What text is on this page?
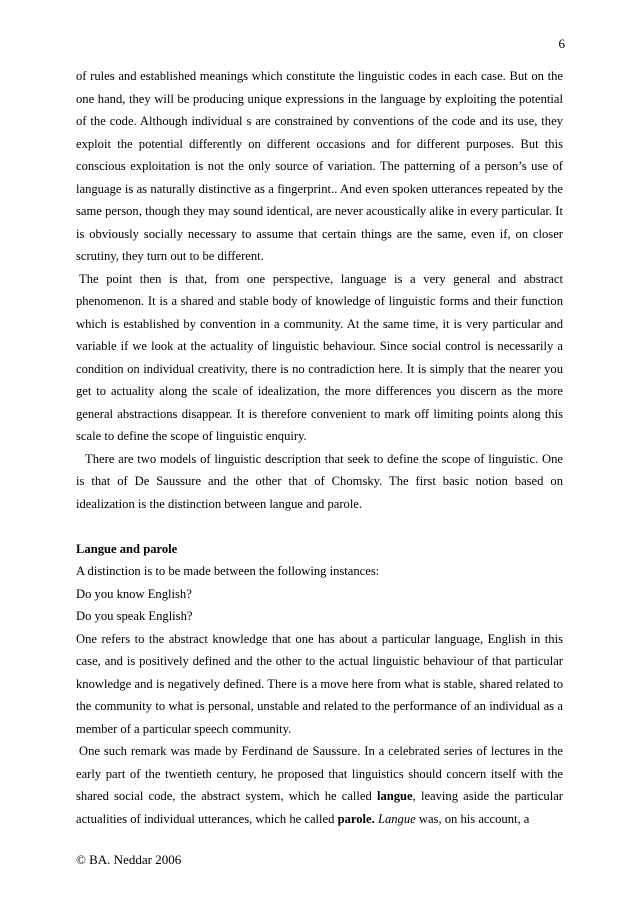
6

of rules and established meanings which constitute the linguistic codes in each case. But on the one hand, they will be producing unique expressions in the language by exploiting the potential of the code. Although individual s are constrained by conventions of the code and its use, they exploit the potential differently on different occasions and for different purposes. But this conscious exploitation is not the only source of variation. The patterning of a person’s use of language is as naturally distinctive as a fingerprint.. And even spoken utterances repeated by the same person, though they may sound identical, are never acoustically alike in every particular. It is obviously socially necessary to assume that certain things are the same, even if, on closer scrutiny, they turn out to be different.

The point then is that, from one perspective, language is a very general and abstract phenomenon. It is a shared and stable body of knowledge of linguistic forms and their function which is established by convention in a community. At the same time, it is very particular and variable if we look at the actuality of linguistic behaviour. Since social control is necessarily a condition on individual creativity, there is no contradiction here. It is simply that the nearer you get to actuality along the scale of idealization, the more differences you discern as the more general abstractions disappear. It is therefore convenient to mark off limiting points along this scale to define the scope of linguistic enquiry.

There are two models of linguistic description that seek to define the scope of linguistic. One is that of De Saussure and the other that of Chomsky. The first basic notion based on idealization is the distinction between langue and parole.

Langue and parole

A distinction is to be made between the following instances:

Do you know English?

Do you speak English?

One refers to the abstract knowledge that one has about a particular language, English in this case, and is positively defined and the other to the actual linguistic behaviour of that particular knowledge and is negatively defined. There is a move here from what is stable, shared related to the community to what is personal, unstable and related to the performance of an individual as a member of a particular speech community.

One such remark was made by Ferdinand de Saussure. In a celebrated series of lectures in the early part of the twentieth century, he proposed that linguistics should concern itself with the shared social code, the abstract system, which he called langue, leaving aside the particular actualities of individual utterances, which he called parole. Langue was, on his account, a

© BA. Neddar 2006
